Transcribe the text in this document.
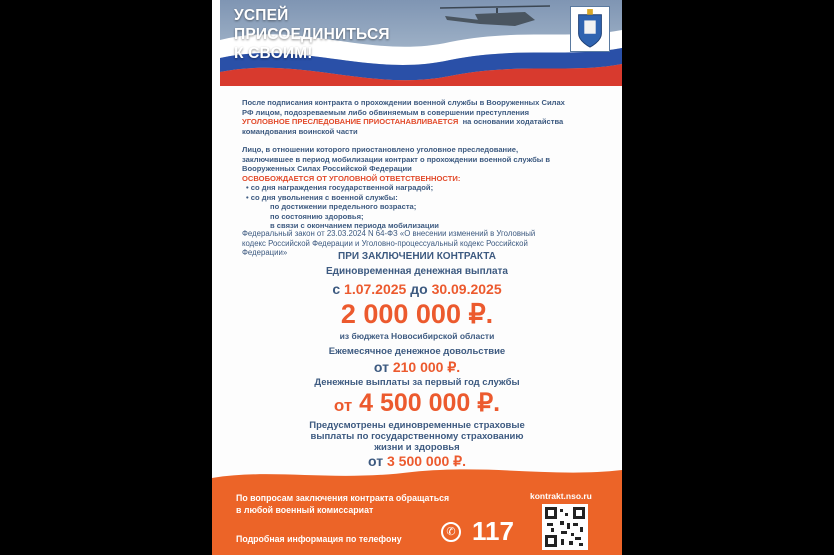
УСПЕЙ
ПРИСОЕДИНИТЬСЯ
К СВОИМ!
После подписания контракта о прохождении военной службы в Вооруженных Силах
РФ лицом, подозреваемым либо обвиняемым в совершении преступления
УГОЛОВНОЕ ПРЕСЛЕДОВАНИЕ ПРИОСТАНАВЛИВАЕТСЯ на основании ходатайства
командования воинской части
Лицо, в отношении которого приостановлено уголовное преследование,
заключившее в период мобилизации контракт о прохождении военной службы в
Вооруженных Силах Российской Федерации
ОСВОБОЖДАЕТСЯ ОТ УГОЛОВНОЙ ОТВЕТСТВЕННОСТИ:
• со дня награждения государственной наградой;
• со дня увольнения с военной службы:
по достижении предельного возраста;
по состоянию здоровья;
в связи с окончанием периода мобилизации
Федеральный закон от 23.03.2024 N 64-ФЗ «О внесении изменений в Уголовный
кодекс Российской Федерации и Уголовно-процессуальный кодекс Российской
Федерации»	ПРИ ЗАКЛЮЧЕНИИ КОНТРАКТА
Единовременная денежная выплата
с 1.07.2025 до 30.09.2025
2 000 000 ₽.
из бюджета Новосибирской области
Ежемесячное денежное довольствие
от 210 000 ₽.
Денежные выплаты за первый год службы
от 4 500 000 ₽.
Предусмотрены единовременные страховые
выплаты по государственному страхованию
жизни и здоровья
от 3 500 000 ₽.
По вопросам заключения контракта обращаться
в любой военный комиссариат
Подробная информация по телефону
✆ 117
kontrakt.nso.ru
